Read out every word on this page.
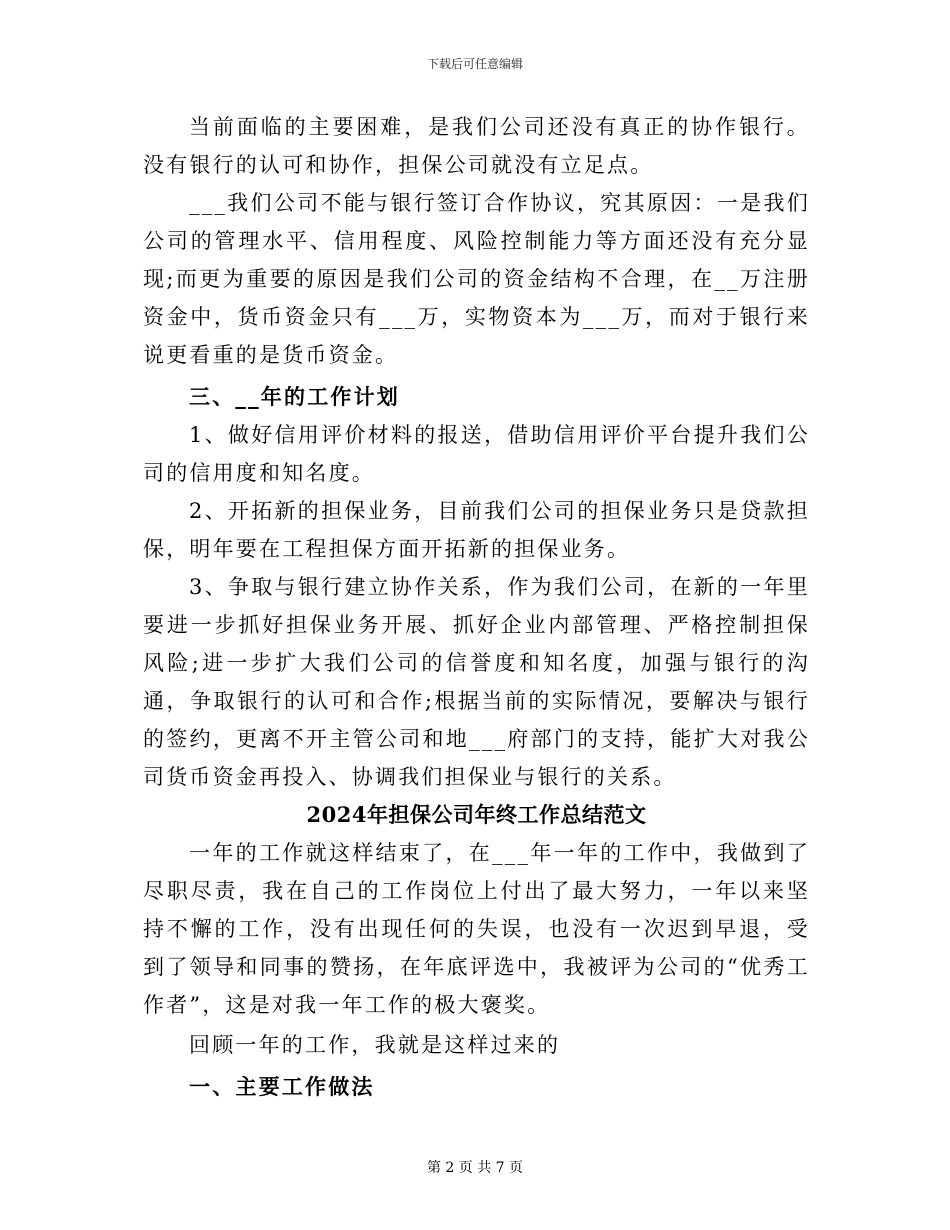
下载后可任意编辑

当前面临的主要困难，是我们公司还没有真正的协作银行。没有银行的认可和协作，担保公司就没有立足点。

___我们公司不能与银行签订合作协议，究其原因：一是我们公司的管理水平、信用程度、风险控制能力等方面还没有充分显现;而更为重要的原因是我们公司的资金结构不合理，在__万注册资金中，货币资金只有___万，实物资本为___万，而对于银行来说更看重的是货币资金。

三、__年的工作计划

1、做好信用评价材料的报送，借助信用评价平台提升我们公司的信用度和知名度。

2、开拓新的担保业务，目前我们公司的担保业务只是贷款担保，明年要在工程担保方面开拓新的担保业务。

3、争取与银行建立协作关系，作为我们公司，在新的一年里要进一步抓好担保业务开展、抓好企业内部管理、严格控制担保风险;进一步扩大我们公司的信誉度和知名度，加强与银行的沟通，争取银行的认可和合作;根据当前的实际情况，要解决与银行的签约，更离不开主管公司和地___府部门的支持，能扩大对我公司货币资金再投入、协调我们担保业与银行的关系。

2024年担保公司年终工作总结范文

一年的工作就这样结束了，在___年一年的工作中，我做到了尽职尽责，我在自己的工作岗位上付出了最大努力，一年以来坚持不懈的工作，没有出现任何的失误，也没有一次迟到早退，受到了领导和同事的赞扬，在年底评选中，我被评为公司的“优秀工作者”，这是对我一年工作的极大褒奖。

回顾一年的工作，我就是这样过来的

一、主要工作做法

第 2 页 共 7 页
